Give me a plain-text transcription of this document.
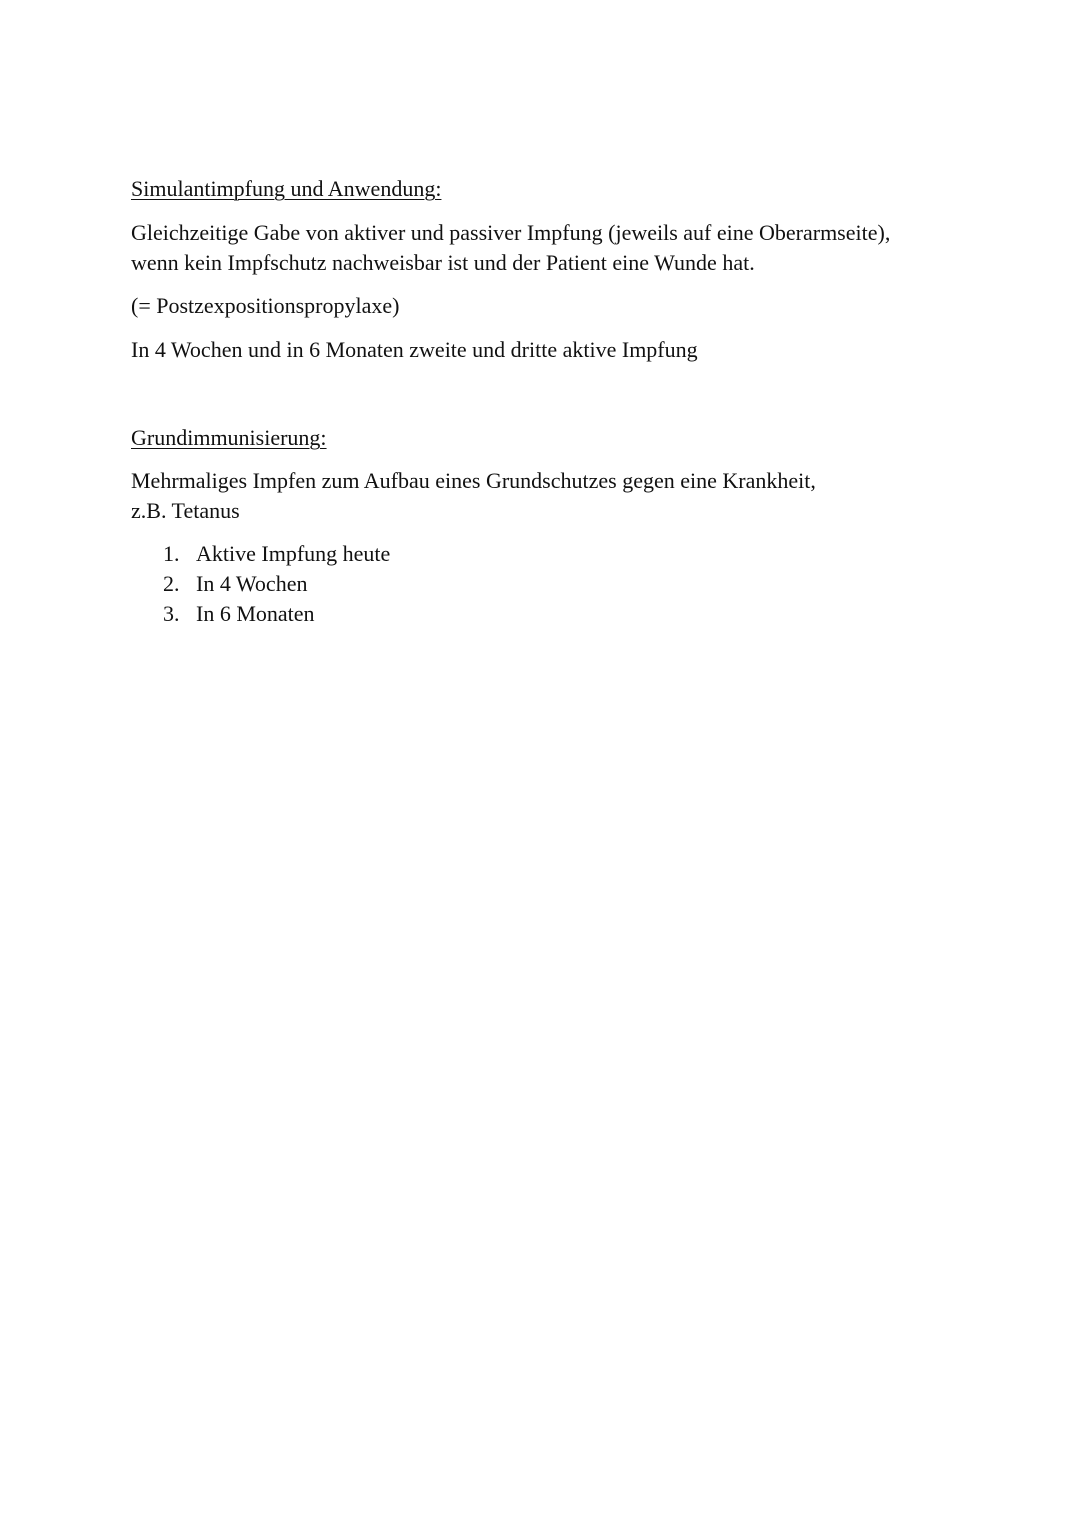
Simulantimpfung und Anwendung:
Gleichzeitige Gabe von aktiver und passiver Impfung (jeweils auf eine Oberarmseite),
wenn kein Impfschutz nachweisbar ist und der Patient eine Wunde hat.
(= Postzexpositionspropylaxe)
In 4 Wochen und in 6 Monaten zweite und dritte aktive Impfung
Grundimmunisierung:
Mehrmaliges Impfen zum Aufbau eines Grundschutzes gegen eine Krankheit,
z.B. Tetanus
1. Aktive Impfung heute
2. In 4 Wochen
3. In 6 Monaten
